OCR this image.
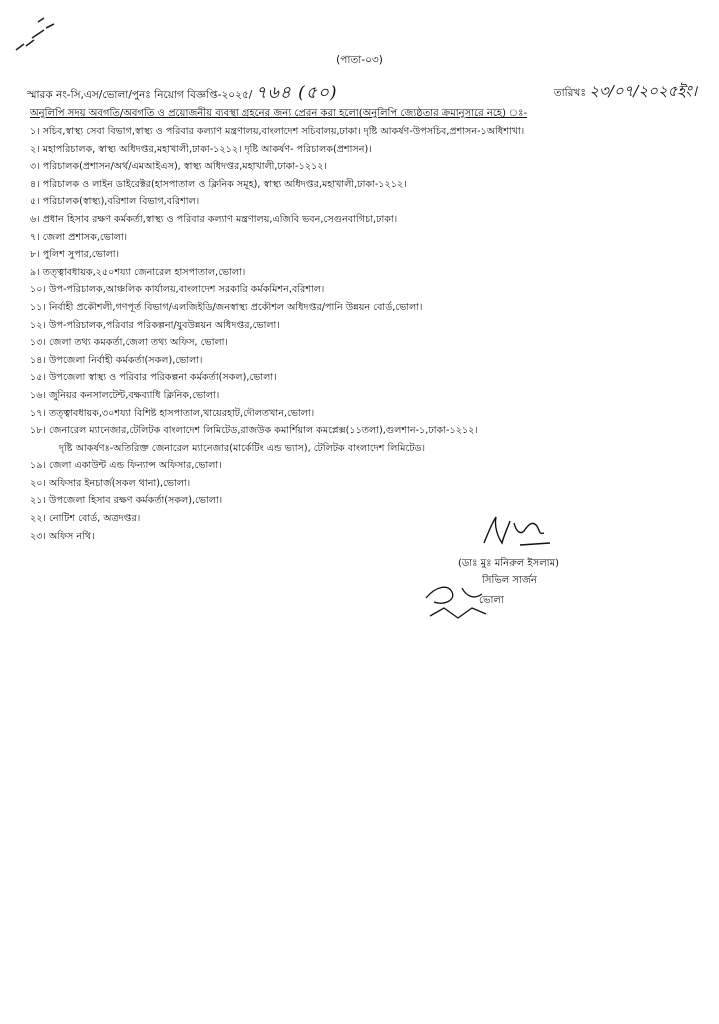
(পাতা-০৩)
স্মারক নং-সি,এস/ভোলা/পুনঃ নিয়োগ বিজ্ঞপ্তি-২০২৫/ ৭৬৪ (৫০)	তারিখঃ ২৩/০৭/২০২৫ইং।
অনুলিপি সদয় অবগতি/অবগতি ও প্রয়োজনীয় ব্যবস্থা গ্রহনের জন্য প্রেরন করা হলো(অনুলিপি জ্যেষ্ঠতার ক্রমানুসারে নহে) ঃ-
১। সচিব,স্বাস্থ্য সেবা বিভাগ,স্বাস্থ্য ও পরিবার কল্যাণ মন্ত্রণালয়,বাংলাদেশ সচিবালয়,ঢাকা। দৃষ্টি আকর্ষণ-উপসচিব,প্রশাসন-১অধিশাখা।
২। মহাপরিচালক, স্বাস্থ্য অধিদপ্তর,মহাখালী,ঢাকা-১২১২। দৃষ্টি আকর্ষণ- পরিচালক(প্রশাসন)।
৩। পরিচালক(প্রশাসন/অর্থ/এমআইএস), স্বাস্থ্য অধিদপ্তর,মহাখালী,ঢাকা-১২১২।
৪। পরিচালক ও লাইন ডাইরেক্টর(হাসপাতাল ও ক্লিনিক সমূহ), স্বাস্থ্য অধিদপ্তর,মহাখালী,ঢাকা-১২১২।
৫। পরিচালক(স্বাস্থ্য),বরিশাল বিভাগ,বরিশাল।
৬। প্রধান হিসাব রক্ষণ কর্মকর্তা,স্বাস্থ্য ও পরিবার কল্যাণ মন্ত্রণালয়,এজিবি ভবন,সেগুনবাগিচা,ঢাকা।
৭। জেলা প্রশাসক,ভোলা।
৮। পুলিশ সুপার,ভোলা।
৯। তত্ত্বাবধায়ক,২৫০শয্যা জেনারেল হাসপাতাল,ভোলা।
১০। উপ-পরিচালক,আঞ্চলিক কার্যালয়,বাংলাদেশ সরকারি কর্মকমিশন,বরিশাল।
১১। নির্বাহী প্রকৌশলী,গণপূর্ত বিভাগ/এলজিইডি/জনস্বাস্থ্য প্রকৌশল অধিদপ্তর/পানি উন্নয়ন বোর্ড,ভোলা।
১২। উপ-পরিচালক,পরিবার পরিকল্পনা/যুবউন্নয়ন অধিদপ্তর,ভোলা।
১৩। জেলা তথ্য কমকর্তা,জেলা তথ্য অফিস, ভোলা।
১৪। উপজেলা নির্বাহী কর্মকর্তা(সকল),ভোলা।
১৫। উপজেলা স্বাস্থ্য ও পরিবার পরিকল্পনা কর্মকর্তা(সকল),ভোলা।
১৬। জুনিয়র কনসালটেন্ট,বক্ষব্যাধি ক্লিনিক,ভোলা।
১৭। তত্ত্বাবধায়ক,৩০শয্যা বিশিষ্ট হাসপাতাল,খায়েরহাট,দৌলতখান,ভোলা।
১৮। জেনারেল ম্যানেজার,টেলিটক বাংলাদেশ লিমিটেড,রাজউক কমার্শিয়াল কমপ্লেক্স(১১তলা),গুলশান-১,ঢাকা-১২১২।
দৃষ্টি আকর্ষণঃ-অতিরিক্ত জেনারেল ম্যানেজার(মার্কেটিং এন্ড ভ্যাস), টেলিটক বাংলাদেশ লিমিটেড।
১৯। জেলা একাউন্ট এন্ড ফিন্যান্স অফিসার,ভোলা।
২০। অফিসার ইনচার্জ(সকল থানা),ভোলা।
২১। উপজেলা হিসাব রক্ষণ কর্মকর্তা(সকল),ভোলা।
২২। নোটিশ বোর্ড, অত্রদপ্তর।
২৩। অফিস নথি।
(ডাঃ মুঃ মনিরুল ইসলাম)
সিভিল সার্জন
ভোলা
